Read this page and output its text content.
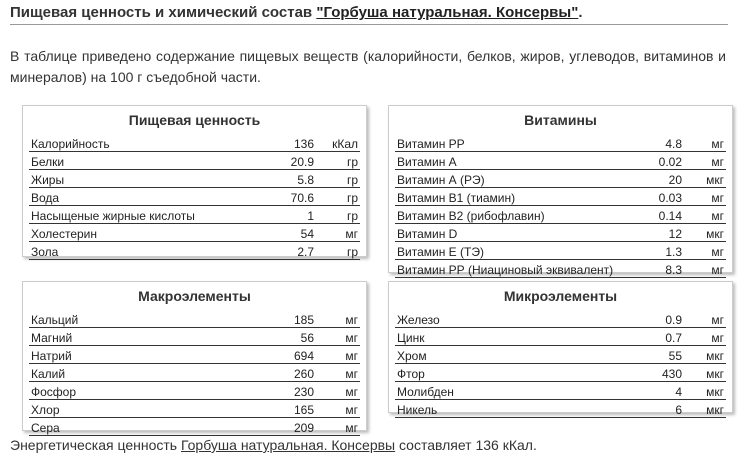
Пищевая ценность и химический состав "Горбуша натуральная. Консервы".
В таблице приведено содержание пищевых веществ (калорийности, белков, жиров, углеводов, витаминов и минералов) на 100 г съедобной части.
Пищевая ценность
Калорийность	136	кКал
Белки	20.9	гр
Жиры	5.8	гр
Вода	70.6	гр
Насыщеные жирные кислоты	1	гр
Холестерин	54	мг
Зола	2.7	гр
Витамины
Витамин PP	4.8	мг
Витамин A	0.02	мг
Витамин А (РЭ)	20	мкг
Витамин B1 (тиамин)	0.03	мг
Витамин B2 (рибофлавин)	0.14	мг
Витамин D	12	мкг
Витамин E (ТЭ)	1.3	мг
Витамин РР (Ниациновый эквивалент)	8.3	мг
Макроэлементы
Кальций	185	мг
Магний	56	мг
Натрий	694	мг
Калий	260	мг
Фосфор	230	мг
Хлор	165	мг
Сера	209	мг
Микроэлементы
Железо	0.9	мг
Цинк	0.7	мг
Хром	55	мкг
Фтор	430	мкг
Молибден	4	мкг
Никель	6	мкг
Энергетическая ценность Горбуша натуральная. Консервы составляет 136 кКал.
